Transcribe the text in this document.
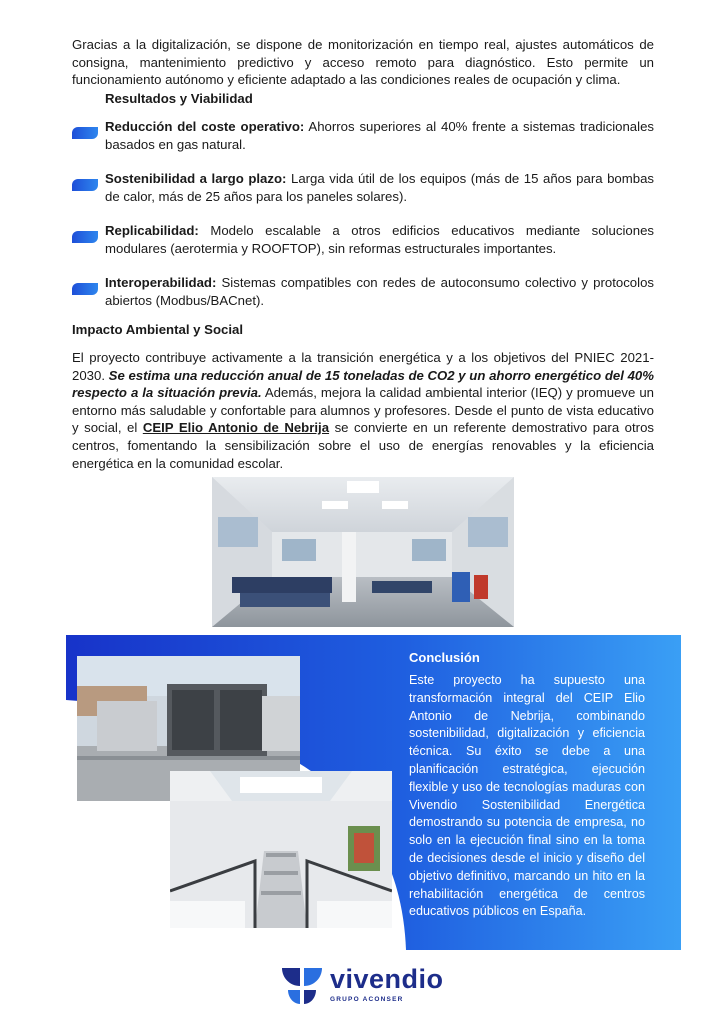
Gracias a la digitalización, se dispone de monitorización en tiempo real, ajustes automáticos de consigna, mantenimiento predictivo y acceso remoto para diagnóstico. Esto permite un funcionamiento autónomo y eficiente adaptado a las condiciones reales de ocupación y clima.

Resultados y Viabilidad
Reducción del coste operativo: Ahorros superiores al 40% frente a sistemas tradicionales basados en gas natural.
Sostenibilidad a largo plazo: Larga vida útil de los equipos (más de 15 años para bombas de calor, más de 25 años para los paneles solares).
Replicabilidad: Modelo escalable a otros edificios educativos mediante soluciones modulares (aerotermia y ROOFTOP), sin reformas estructurales importantes.
Interoperabilidad: Sistemas compatibles con redes de autoconsumo colectivo y protocolos abiertos (Modbus/BACnet).
Impacto Ambiental y Social

El proyecto contribuye activamente a la transición energética y a los objetivos del PNIEC 2021-2030. Se estima una reducción anual de 15 toneladas de CO2 y un ahorro energético del 40% respecto a la situación previa. Además, mejora la calidad ambiental interior (IEQ) y promueve un entorno más saludable y confortable para alumnos y profesores. Desde el punto de vista educativo y social, el CEIP Elio Antonio de Nebrija se convierte en un referente demostrativo para otros centros, fomentando la sensibilización sobre el uso de energías renovables y la eficiencia energética en la comunidad escolar.

Conclusión

Este proyecto ha supuesto una transformación integral del CEIP Elio Antonio de Nebrija, combinando sostenibilidad, digitalización y eficiencia técnica. Su éxito se debe a una planificación estratégica, ejecución flexible y uso de tecnologías maduras con Vivendio Sostenibilidad Energética demostrando su potencia de empresa, no solo en la ejecución final sino en la toma de decisiones desde el inicio y diseño del objetivo definitivo, marcando un hito en la rehabilitación energética de centros educativos públicos en España.

vivendio
GRUPO ACONSER
